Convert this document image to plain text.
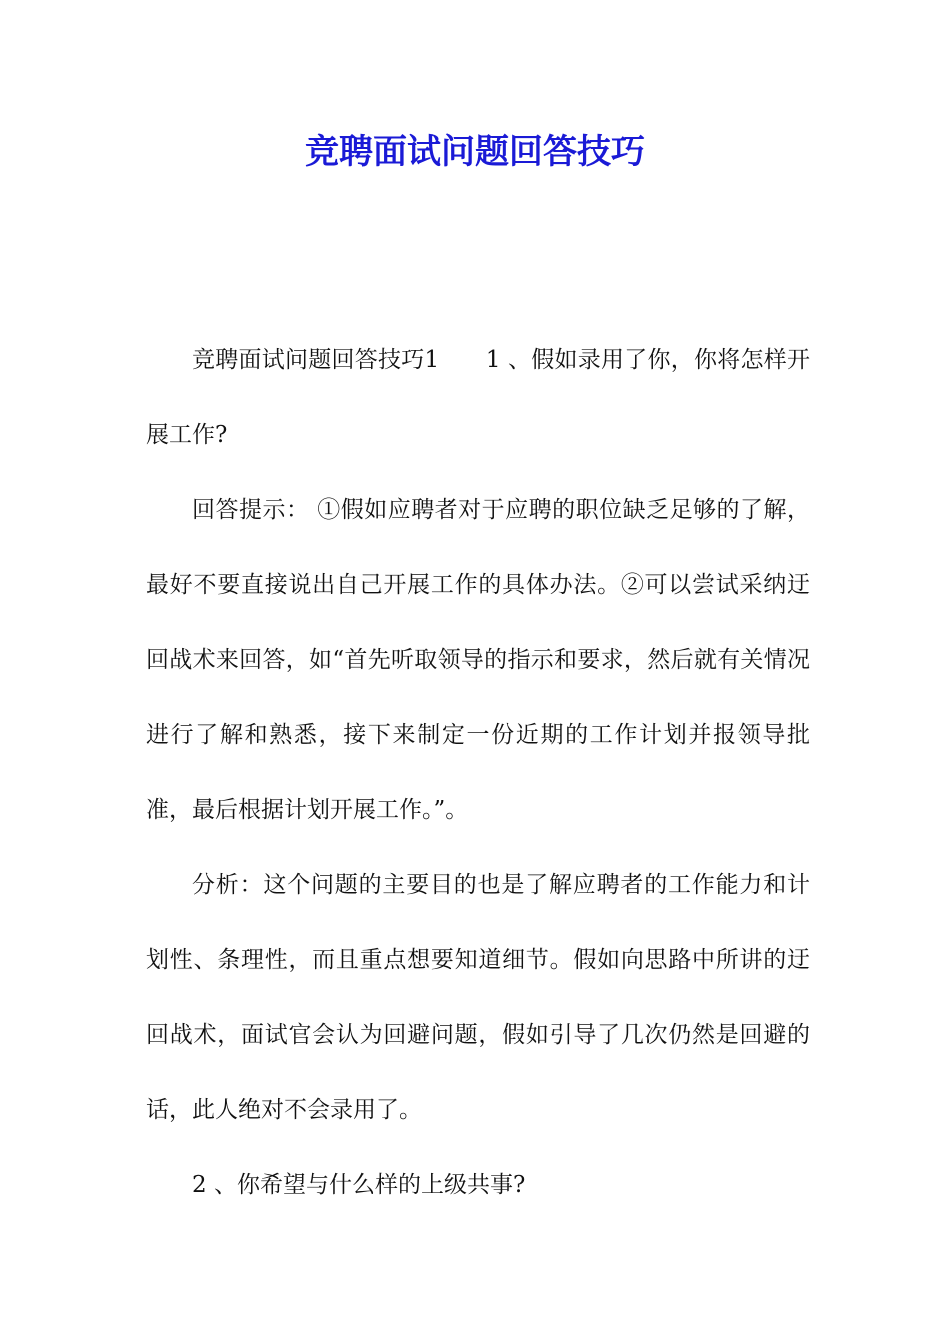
竞聘面试问题回答技巧

竞聘面试问题回答技巧1　　1 、假如录用了你，你将怎样开展工作?

回答提示： ①假如应聘者对于应聘的职位缺乏足够的了解，最好不要直接说出自己开展工作的具体办法。②可以尝试采纳迂回战术来回答，如“首先听取领导的指示和要求，然后就有关情况进行了解和熟悉，接下来制定一份近期的工作计划并报领导批准，最后根据计划开展工作。”。

分析：这个问题的主要目的也是了解应聘者的工作能力和计划性、条理性，而且重点想要知道细节。假如向思路中所讲的迂回战术，面试官会认为回避问题，假如引导了几次仍然是回避的话，此人绝对不会录用了。

2 、你希望与什么样的上级共事?
